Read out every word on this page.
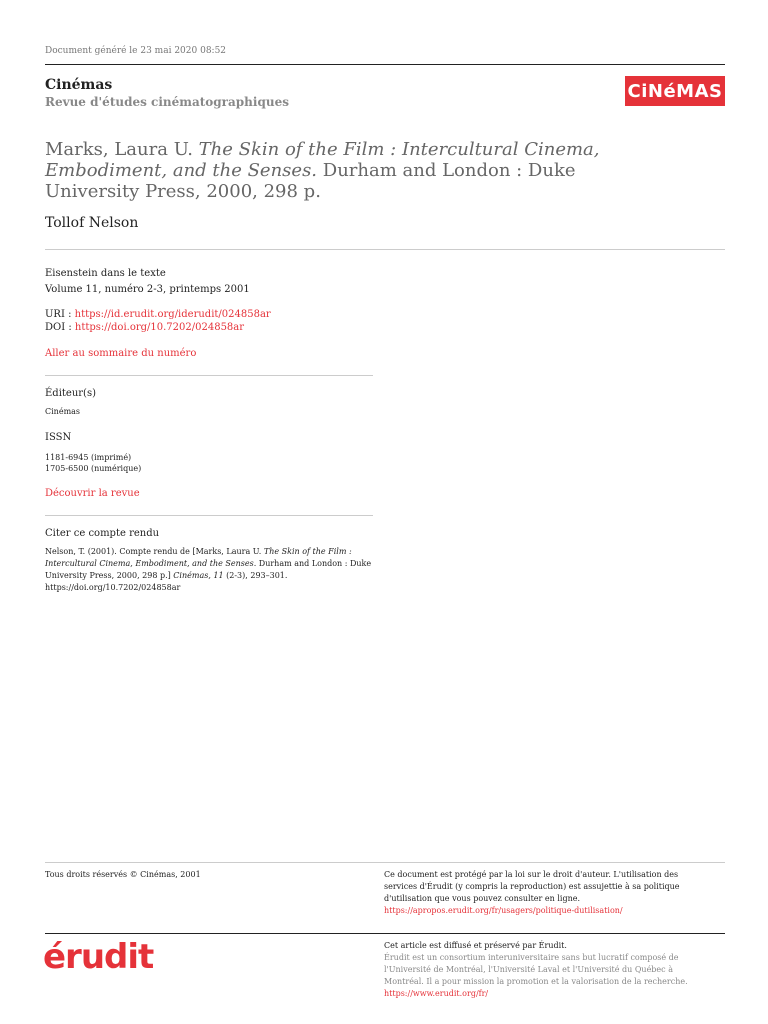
Document généré le 23 mai 2020 08:52
Cinémas
Revue d'études cinématographiques
CiNéMAS
Marks, Laura U. The Skin of the Film : Intercultural Cinema, Embodiment, and the Senses. Durham and London : Duke University Press, 2000, 298 p.
Tollof Nelson
Eisenstein dans le texte
Volume 11, numéro 2-3, printemps 2001
URI : https://id.erudit.org/iderudit/024858ar
DOI : https://doi.org/10.7202/024858ar
Aller au sommaire du numéro
Éditeur(s)
Cinémas
ISSN
1181-6945 (imprimé)
1705-6500 (numérique)
Découvrir la revue
Citer ce compte rendu
Nelson, T. (2001). Compte rendu de [Marks, Laura U. The Skin of the Film : Intercultural Cinema, Embodiment, and the Senses. Durham and London : Duke University Press, 2000, 298 p.] Cinémas, 11 (2-3), 293–301.
https://doi.org/10.7202/024858ar
Tous droits réservés © Cinémas, 2001	Ce document est protégé par la loi sur le droit d'auteur. L'utilisation des services d'Érudit (y compris la reproduction) est assujettie à sa politique d'utilisation que vous pouvez consulter en ligne.
https://apropos.erudit.org/fr/usagers/politique-dutilisation/
érudit	Cet article est diffusé et préservé par Érudit.
Érudit est un consortium interuniversitaire sans but lucratif composé de l'Université de Montréal, l'Université Laval et l'Université du Québec à Montréal. Il a pour mission la promotion et la valorisation de la recherche.
https://www.erudit.org/fr/
